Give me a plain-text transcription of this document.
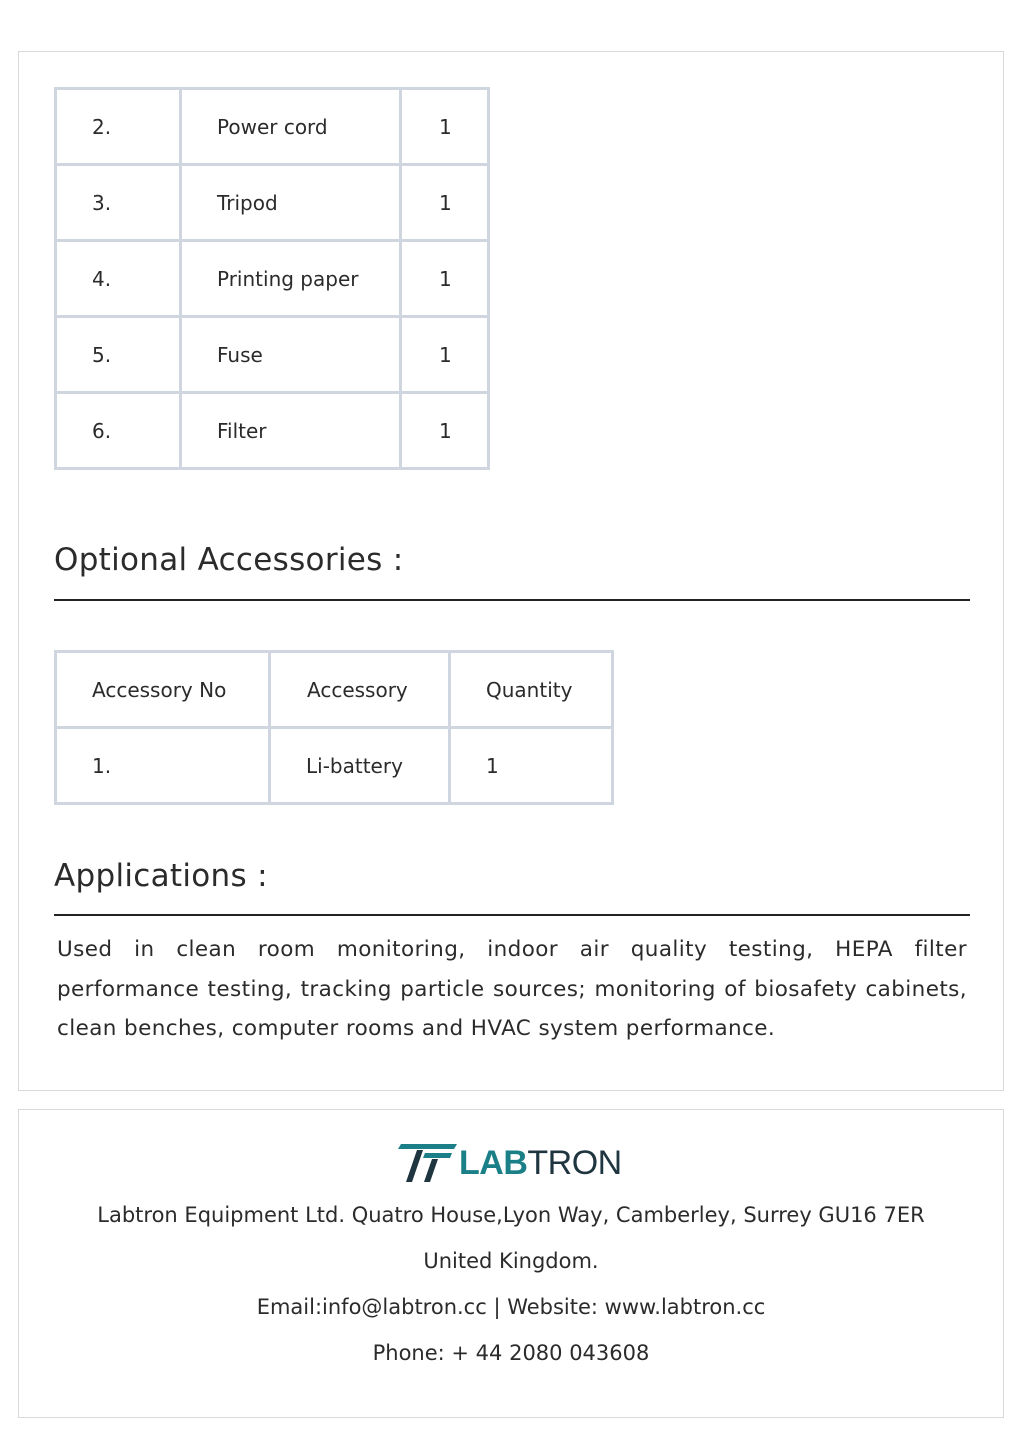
2.	Power cord	1
3.	Tripod	1
4.	Printing paper	1
5.	Fuse	1
6.	Filter	1
Optional Accessories :
Accessory No	Accessory	Quantity
1.	Li-battery	1
Applications :

Used in clean room monitoring, indoor air quality testing, HEPA filter performance testing, tracking particle sources; monitoring of biosafety cabinets, clean benches, computer rooms and HVAC system performance.

LABTRON

Labtron Equipment Ltd. Quatro House,Lyon Way, Camberley, Surrey GU16 7ER

United Kingdom.

Email:info@labtron.cc | Website: www.labtron.cc

Phone: + 44 2080 043608
